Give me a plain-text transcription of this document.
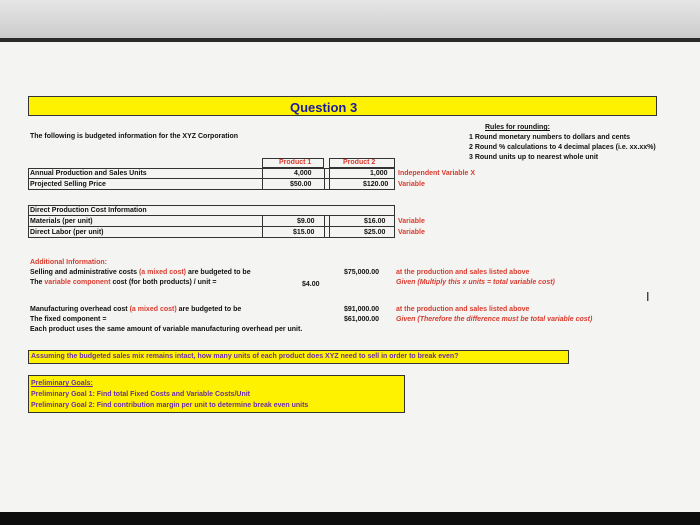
Question 3
The following is budgeted information for the XYZ Corporation
Rules for rounding:
1 Round monetary numbers to dollars and cents
2 Round % calculations to 4 decimal places (i.e. xx.xx%)
3 Round units up to nearest whole unit
Product 1	Product 2
Annual Production and Sales Units	4,000	1,000 Independent Variable X
Projected Selling Price	$50.00	$120.00 Variable
Direct Production Cost Information
Materials (per unit)	$9.00	$16.00 Variable
Direct Labor (per unit)	$15.00	$25.00 Variable
Additional Information:
Selling and administrative costs (a mixed cost) are budgeted to be	$75,000.00 at the production and sales listed above
The variable component cost (for both products) / unit =	$4.00	Given (Multiply this x units = total variable cost)
Manufacturing overhead cost (a mixed cost) are budgeted to be	$91,000.00 at the production and sales listed above
The fixed component =	$61,000.00 Given (Therefore the difference must be total variable cost)
Each product uses the same amount of variable manufacturing overhead per unit.
I
Assuming the budgeted sales mix remains intact, how many units of each product does XYZ need to sell in order to break even?
Preliminary Goals:
Preliminary Goal 1: Find total Fixed Costs and Variable Costs/Unit
Preliminary Goal 2: Find contribution margin per unit to determine break even units
